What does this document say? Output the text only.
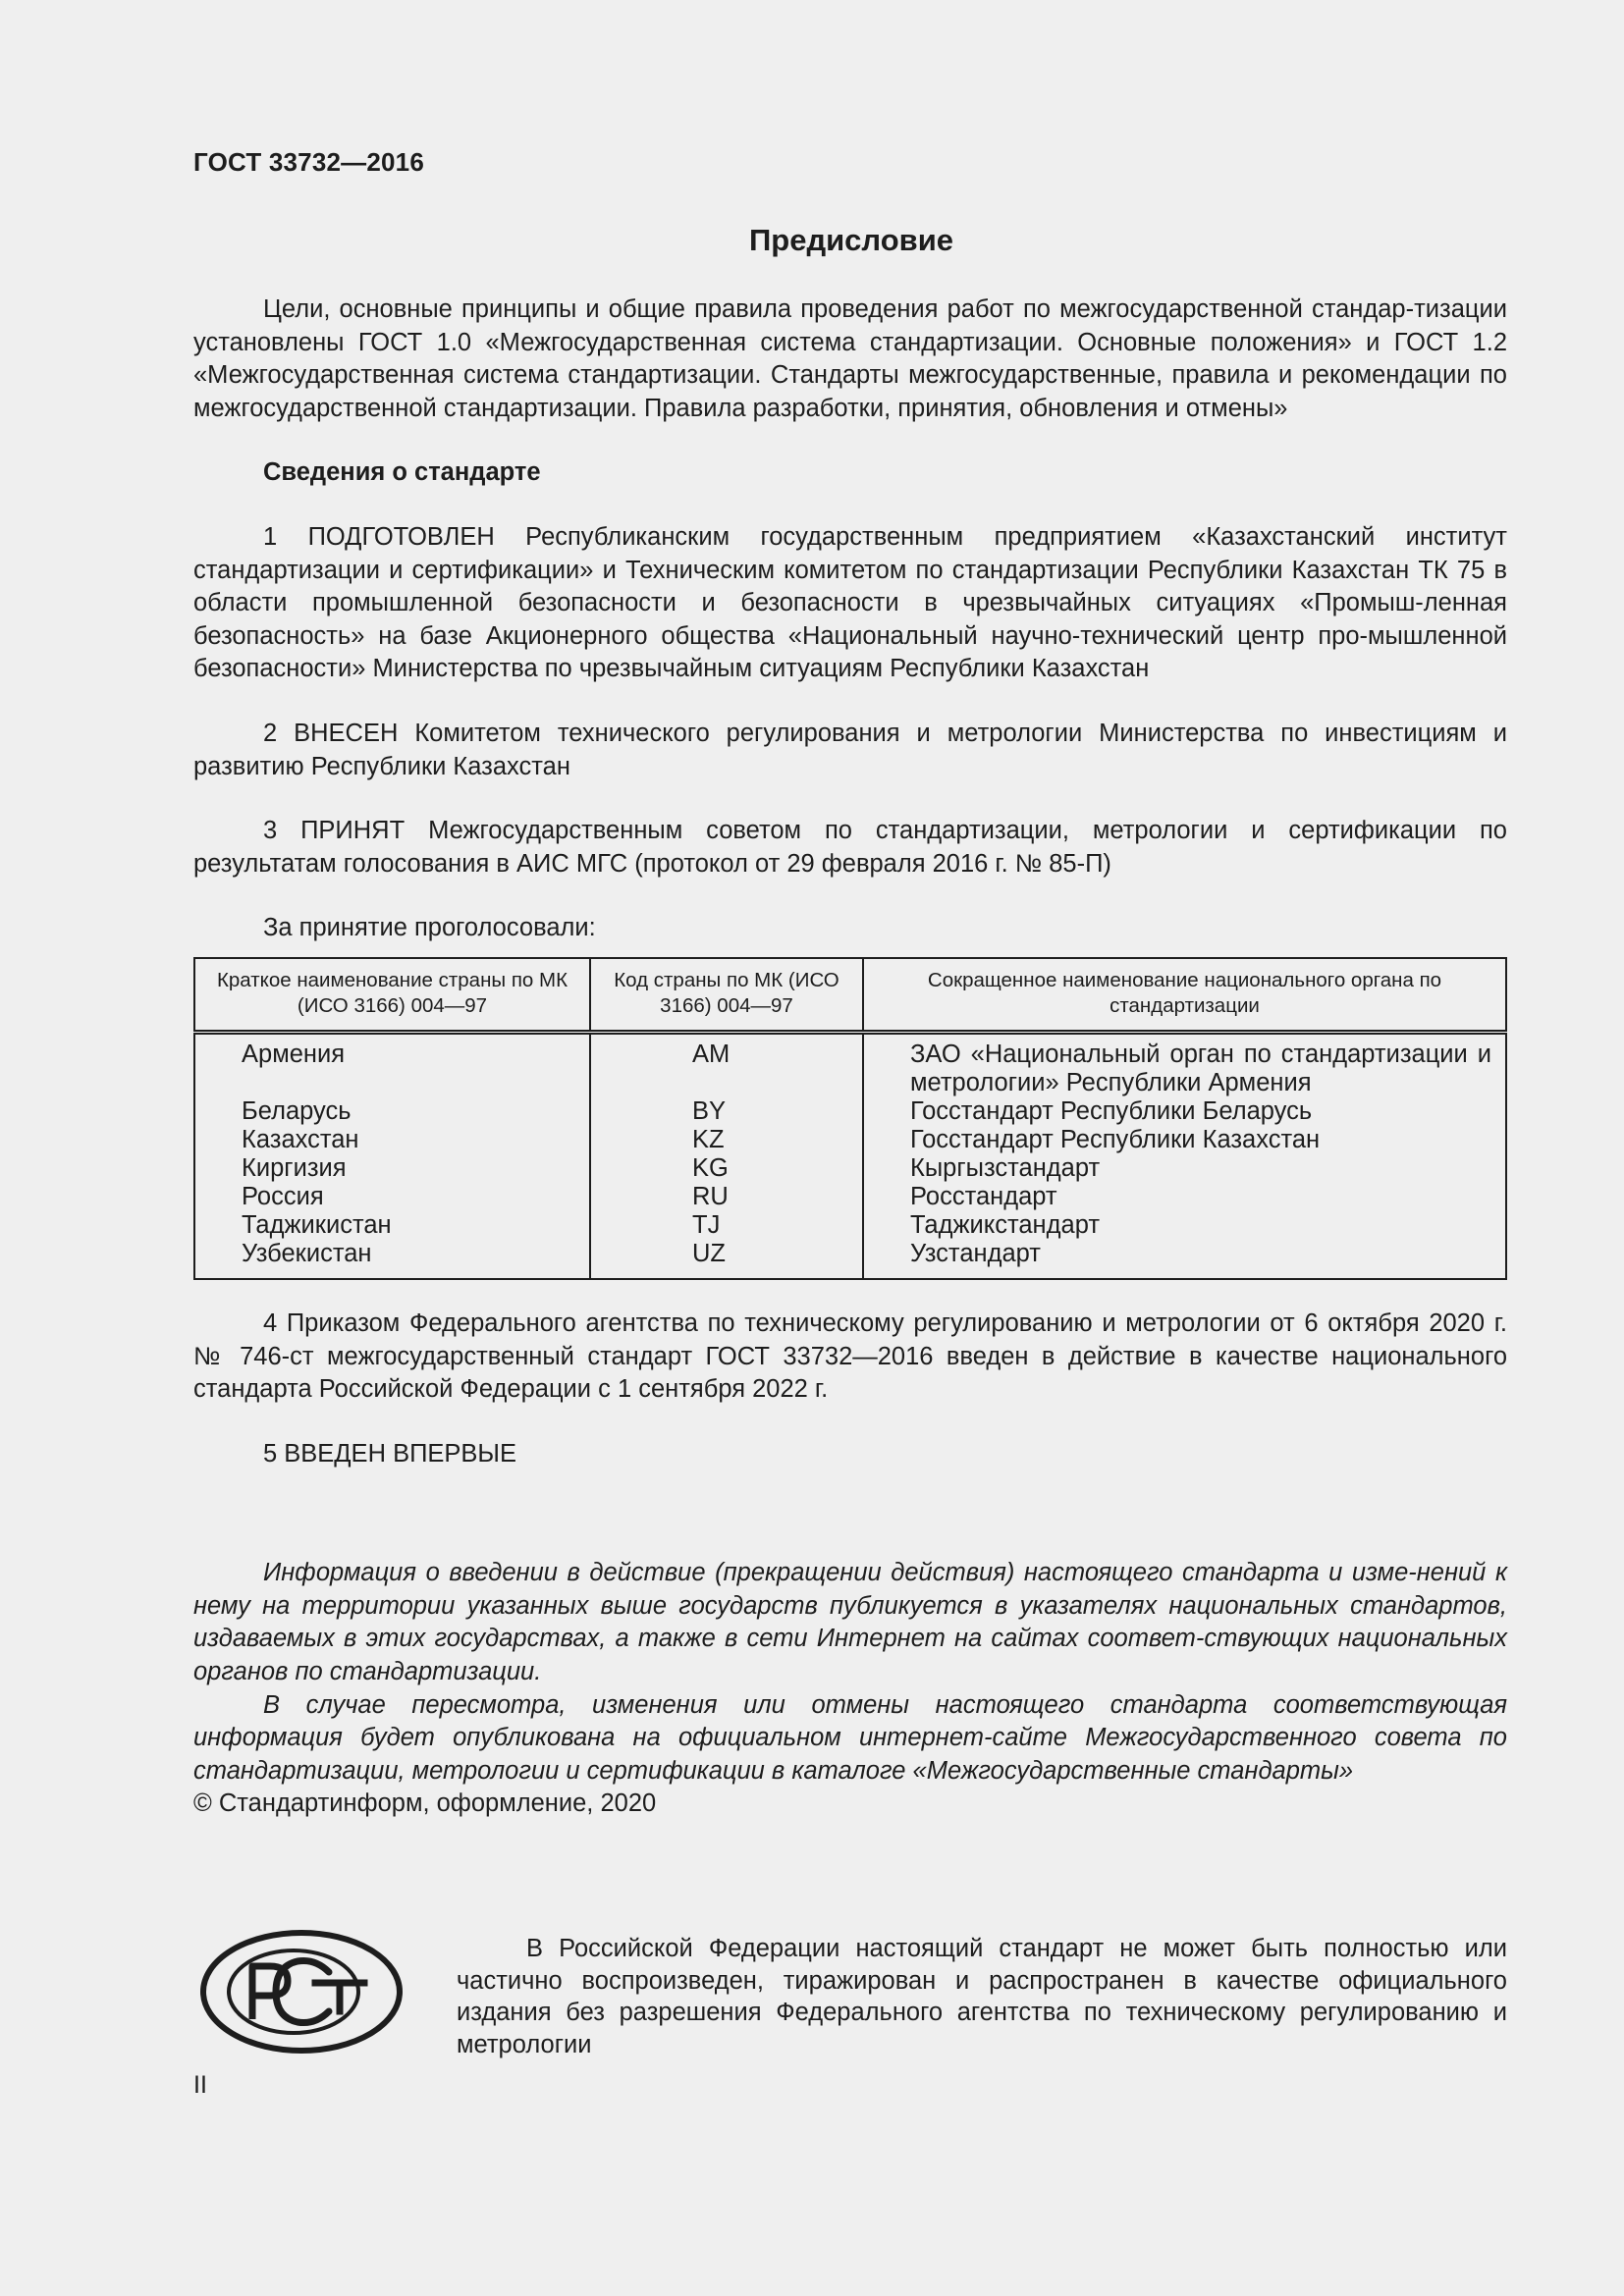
ГОСТ 33732—2016
Предисловие

Цели, основные принципы и общие правила проведения работ по межгосударственной стандар-тизации установлены ГОСТ 1.0 «Межгосударственная система стандартизации. Основные положения» и ГОСТ 1.2 «Межгосударственная система стандартизации. Стандарты межгосударственные, правила и рекомендации по межгосударственной стандартизации. Правила разработки, принятия, обновления и отмены»

Сведения о стандарте

1 ПОДГОТОВЛЕН Республиканским государственным предприятием «Казахстанский институт стандартизации и сертификации» и Техническим комитетом по стандартизации Республики Казахстан ТК 75 в области промышленной безопасности и безопасности в чрезвычайных ситуациях «Промыш-ленная безопасность» на базе Акционерного общества «Национальный научно-технический центр про-мышленной безопасности» Министерства по чрезвычайным ситуациям Республики Казахстан

2 ВНЕСЕН Комитетом технического регулирования и метрологии Министерства по инвестициям и развитию Республики Казахстан

3 ПРИНЯТ Межгосударственным советом по стандартизации, метрологии и сертификации по результатам голосования в АИС МГС (протокол от 29 февраля 2016 г. № 85-П)

За принятие проголосовали:

Краткое наименование страны по МК (ИСО 3166) 004—97	Код страны по МК (ИСО 3166) 004—97	Сокращенное наименование национального органа по стандартизации
Армения	AM	ЗАО «Национальный орган по стандартизации и метрологии» Республики Армения
Беларусь	BY	Госстандарт Республики Беларусь
Казахстан	KZ	Госстандарт Республики Казахстан
Киргизия	KG	Кыргызстандарт
Россия	RU	Росстандарт
Таджикистан	TJ	Таджикстандарт
Узбекистан	UZ	Узстандарт

4 Приказом Федерального агентства по техническому регулированию и метрологии от 6 октября 2020 г. № 746-ст межгосударственный стандарт ГОСТ 33732—2016 введен в действие в качестве национального стандарта Российской Федерации с 1 сентября 2022 г.

5 ВВЕДЕН ВПЕРВЫЕ

Информация о введении в действие (прекращении действия) настоящего стандарта и изме-нений к нему на территории указанных выше государств публикуется в указателях национальных стандартов, издаваемых в этих государствах, а также в сети Интернет на сайтах соответ-ствующих национальных органов по стандартизации.

В случае пересмотра, изменения или отмены настоящего стандарта соответствующая информация будет опубликована на официальном интернет-сайте Межгосударственного совета по стандартизации, метрологии и сертификации в каталоге «Межгосударственные стандарты»

© Стандартинформ, оформление, 2020

В Российской Федерации настоящий стандарт не может быть полностью или частично воспроизведен, тиражирован и распространен в качестве официального издания без разрешения Федерального агентства по техническому регулированию и метрологии

II
